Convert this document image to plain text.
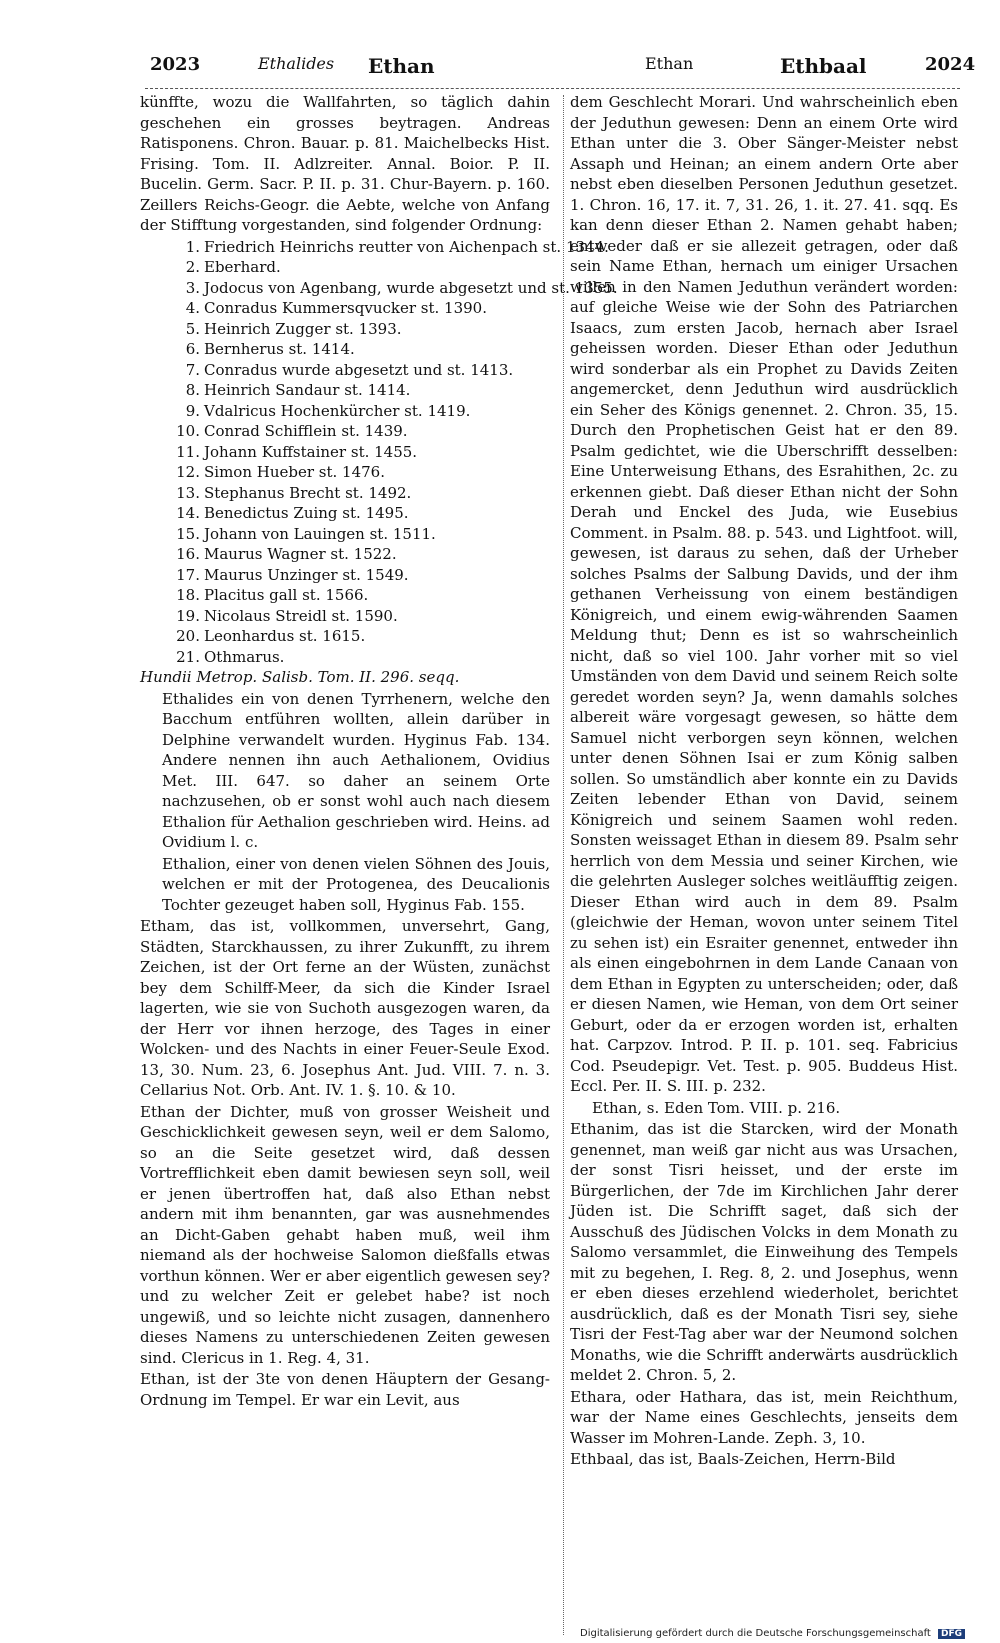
2023	Ethalides Ethan	Ethan	Ethbaal	2024

künffte, wozu die Wallfahrten, so täglich dahin geschehen ein grosses beytragen. Andreas Ratisponens. Chron. Bauar. p. 81. Maichelbecks Hist. Frising. Tom. II. Adlzreiter. Annal. Boior. P. II. Bucelin. Germ. Sacr. P. II. p. 31. Chur-Bayern. p. 160. Zeillers Reichs-Geogr. die Aebte, welche von Anfang der Stifftung vorgestanden, sind folgender Ordnung:

1. Friedrich Heinrichs reutter von Aichenpach st. 1344.
2. Eberhard.
3. Jodocus von Agenbang, wurde abgesetzt und st. 1355.
4. Conradus Kummersqvucker st. 1390.
5. Heinrich Zugger st. 1393.
6. Bernherus st. 1414.
7. Conradus wurde abgesetzt und st. 1413.
8. Heinrich Sandaur st. 1414.
9. Vdalricus Hochenkürcher st. 1419.
10. Conrad Schifflein st. 1439.
11. Johann Kuffstainer st. 1455.
12. Simon Hueber st. 1476.
13. Stephanus Brecht st. 1492.
14. Benedictus Zuing st. 1495.
15. Johann von Lauingen st. 1511.
16. Maurus Wagner st. 1522.
17. Maurus Unzinger st. 1549.
18. Placitus gall st. 1566.
19. Nicolaus Streidl st. 1590.
20. Leonhardus st. 1615.
21. Othmarus.

Hundii Metrop. Salisb. Tom. II. 296. seqq.

Ethalides ein von denen Tyrrhenern, welche den Bacchum entführen wollten, allein darüber in Delphine verwandelt wurden. Hyginus Fab. 134. Andere nennen ihn auch Aethalionem, Ovidius Met. III. 647. so daher an seinem Orte nachzusehen, ob er sonst wohl auch nach diesem Ethalion für Aethalion geschrieben wird. Heins. ad Ovidium l. c.

Ethalion, einer von denen vielen Söhnen des Jouis, welchen er mit der Protogenea, des Deucalionis Tochter gezeuget haben soll, Hyginus Fab. 155.

Etham, das ist, vollkommen, unversehrt, Gang, Städten, Starckhaussen, zu ihrer Zukunfft, zu ihrem Zeichen, ist der Ort ferne an der Wüsten, zunächst bey dem Schilff-Meer, da sich die Kinder Israel lagerten, wie sie von Suchoth ausgezogen waren, da der Herr vor ihnen herzoge, des Tages in einer Wolcken- und des Nachts in einer Feuer-Seule Exod. 13, 30. Num. 23, 6. Josephus Ant. Jud. VIII. 7. n. 3. Cellarius Not. Orb. Ant. IV. 1. §. 10. & 10.

Ethan der Dichter, muß von grosser Weisheit und Geschicklichkeit gewesen seyn, weil er dem Salomo, so an die Seite gesetzet wird, daß dessen Vortrefflichkeit eben damit bewiesen seyn soll, weil er jenen übertroffen hat, daß also Ethan nebst andern mit ihm benannten, gar was ausnehmendes an Dicht-Gaben gehabt haben muß, weil ihm niemand als der hochweise Salomon dießfalls etwas vorthun können. Wer er aber eigentlich gewesen sey? und zu welcher Zeit er gelebet habe? ist noch ungewiß, und so leichte nicht zusagen, dannenhero dieses Namens zu unterschiedenen Zeiten gewesen sind. Clericus in 1. Reg. 4, 31.

Ethan, ist der 3te von denen Häuptern der Gesang-Ordnung im Tempel. Er war ein Levit, aus

dem Geschlecht Morari. Und wahrscheinlich eben der Jeduthun gewesen: Denn an einem Orte wird Ethan unter die 3. Ober Sänger-Meister nebst Assaph und Heinan; an einem andern Orte aber nebst eben dieselben Personen Jeduthun gesetzet. 1. Chron. 16, 17. it. 7, 31. 26, 1. it. 27. 41. sqq. Es kan denn dieser Ethan 2. Namen gehabt haben; entweder daß er sie allezeit getragen, oder daß sein Name Ethan, hernach um einiger Ursachen willen in den Namen Jeduthun verändert worden: auf gleiche Weise wie der Sohn des Patriarchen Isaacs, zum ersten Jacob, hernach aber Israel geheissen worden. Dieser Ethan oder Jeduthun wird sonderbar als ein Prophet zu Davids Zeiten angemercket, denn Jeduthun wird ausdrücklich ein Seher des Königs genennet. 2. Chron. 35, 15. Durch den Prophetischen Geist hat er den 89. Psalm gedichtet, wie die Uberschrifft desselben: Eine Unterweisung Ethans, des Esrahithen, 2c. zu erkennen giebt. Daß dieser Ethan nicht der Sohn Derah und Enckel des Juda, wie Eusebius Comment. in Psalm. 88. p. 543. und Lightfoot. will, gewesen, ist daraus zu sehen, daß der Urheber solches Psalms der Salbung Davids, und der ihm gethanen Verheissung von einem beständigen Königreich, und einem ewig-währenden Saamen Meldung thut; Denn es ist so wahrscheinlich nicht, daß so viel 100. Jahr vorher mit so viel Umständen von dem David und seinem Reich solte geredet worden seyn? Ja, wenn damahls solches albereit wäre vorgesagt gewesen, so hätte dem Samuel nicht verborgen seyn können, welchen unter denen Söhnen Isai er zum König salben sollen. So umständlich aber konnte ein zu Davids Zeiten lebender Ethan von David, seinem Königreich und seinem Saamen wohl reden. Sonsten weissaget Ethan in diesem 89. Psalm sehr herrlich von dem Messia und seiner Kirchen, wie die gelehrten Ausleger solches weitläufftig zeigen. Dieser Ethan wird auch in dem 89. Psalm (gleichwie der Heman, wovon unter seinem Titel zu sehen ist) ein Esraiter genennet, entweder ihn als einen eingebohrnen in dem Lande Canaan von dem Ethan in Egypten zu unterscheiden; oder, daß er diesen Namen, wie Heman, von dem Ort seiner Geburt, oder da er erzogen worden ist, erhalten hat. Carpzov. Introd. P. II. p. 101. seq. Fabricius Cod. Pseudepigr. Vet. Test. p. 905. Buddeus Hist. Eccl. Per. II. S. III. p. 232.

Ethan, s. Eden Tom. VIII. p. 216.

Ethanim, das ist die Starcken, wird der Monath genennet, man weiß gar nicht aus was Ursachen, der sonst Tisri heisset, und der erste im Bürgerlichen, der 7de im Kirchlichen Jahr derer Jüden ist. Die Schrifft saget, daß sich der Ausschuß des Jüdischen Volcks in dem Monath zu Salomo versammlet, die Einweihung des Tempels mit zu begehen, I. Reg. 8, 2. und Josephus, wenn er eben dieses erzehlend wiederholet, berichtet ausdrücklich, daß es der Monath Tisri sey, siehe Tisri der Fest-Tag aber war der Neumond solchen Monaths, wie die Schrifft anderwärts ausdrücklich meldet 2. Chron. 5, 2.

Ethara, oder Hathara, das ist, mein Reichthum, war der Name eines Geschlechts, jenseits dem Wasser im Mohren-Lande. Zeph. 3, 10.

Ethbaal, das ist, Baals-Zeichen, Herrn-Bild

Digitalisierung gefördert durch die Deutsche Forschungsgemeinschaft DFG
